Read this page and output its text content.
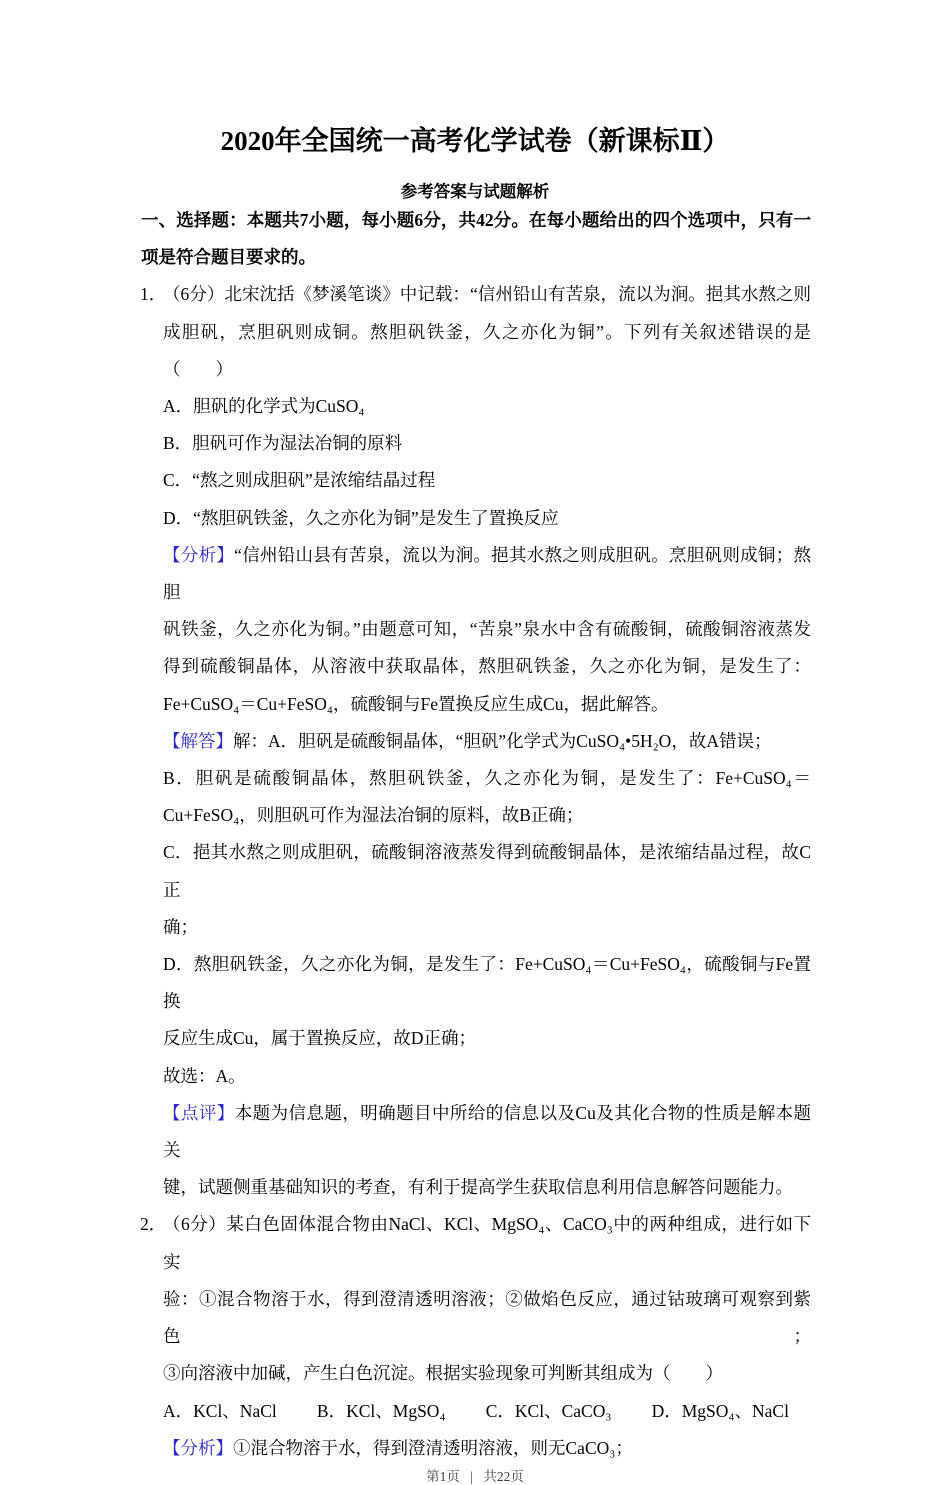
2020年全国统一高考化学试卷（新课标Ⅱ）
参考答案与试题解析
一、选择题：本题共7小题，每小题6分，共42分。在每小题给出的四个选项中，只有一
项是符合题目要求的。
1．
（6分）北宋沈括《梦溪笔谈》中记载：“信州铅山有苦泉，流以为涧。挹其水熬之则
成胆矾，烹胆矾则成铜。熬胆矾铁釜，久之亦化为铜”。下列有关叙述错误的是
（　　）
A．胆矾的化学式为CuSO₄
B．胆矾可作为湿法冶铜的原料
C．“熬之则成胆矾”是浓缩结晶过程
D．“熬胆矾铁釜，久之亦化为铜”是发生了置换反应
【分析】“信州铅山县有苦泉，流以为涧。挹其水熬之则成胆矾。烹胆矾则成铜；熬胆
矾铁釜，久之亦化为铜。”由题意可知，“苦泉”泉水中含有硫酸铜，硫酸铜溶液蒸发
得到硫酸铜晶体，从溶液中获取晶体，熬胆矾铁釜，久之亦化为铜，是发生了：
Fe+CuSO₄＝Cu+FeSO₄，硫酸铜与Fe置换反应生成Cu，据此解答。
【解答】解：A．胆矾是硫酸铜晶体，“胆矾”化学式为CuSO₄•5H₂O，故A错误；
B．胆矾是硫酸铜晶体，熬胆矾铁釜，久之亦化为铜，是发生了：Fe+CuSO₄＝
Cu+FeSO₄，则胆矾可作为湿法冶铜的原料，故B正确；
C．挹其水熬之则成胆矾，硫酸铜溶液蒸发得到硫酸铜晶体，是浓缩结晶过程，故C正
确；
D．熬胆矾铁釜，久之亦化为铜，是发生了：Fe+CuSO₄＝Cu+FeSO₄，硫酸铜与Fe置换
反应生成Cu，属于置换反应，故D正确；
故选：A。
【点评】本题为信息题，明确题目中所给的信息以及Cu及其化合物的性质是解本题关
键，试题侧重基础知识的考查，有利于提高学生获取信息利用信息解答问题能力。
2．
（6分）某白色固体混合物由NaCl、KCl、MgSO₄、CaCO₃中的两种组成，进行如下实
验：①混合物溶于水，得到澄清透明溶液；②做焰色反应，通过钴玻璃可观察到紫色；
③向溶液中加碱，产生白色沉淀。根据实验现象可判断其组成为（　　）
A．KCl、NaCl B．KCl、MgSO₄ C．KCl、CaCO₃ D．MgSO₄、NaCl
【分析】①混合物溶于水，得到澄清透明溶液，则无CaCO₃；
第1页 | 共22页
